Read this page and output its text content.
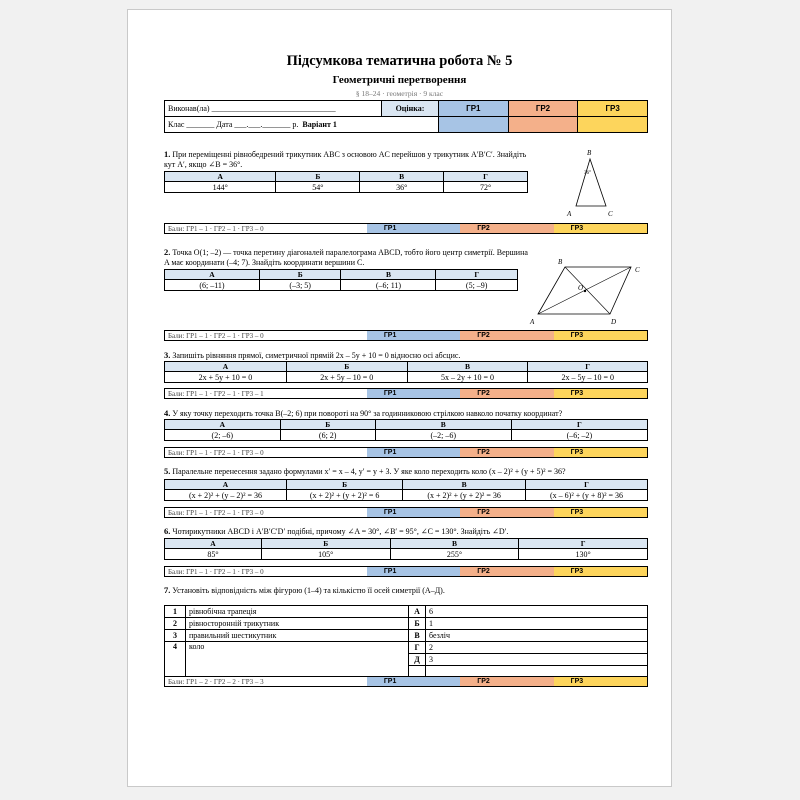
Підсумкова тематична робота № 5
Геометричні перетворення
§ 18–24 · геометрія · 9 клас
Виконав(ла) _______________________________	Оцінка:	ГР1	ГР2	ГР3
Клас _______ Дата ___.___._______ р. Варіант 1				
1. При переміщенні рівнобедрений трикутник ABC з основою AC перейшов у трикутник A′B′C′. Знайдіть кут A′, якщо ∠B = 36°.
А	Б	В	Г
144°	54°	36°	72°
B
A	C
36°
Бали: ГР1 – 1 · ГР2 – 1 · ГР3 – 0	ГР1	ГР2	ГР3
2. Точка O(1; –2) — точка перетину діагоналей паралелограма ABCD, тобто його центр симетрії. Вершина A має координати (–4; 7). Знайдіть координати вершини C.
А	Б	В	Г
(6; –11)	(–3; 5)	(–6; 11)	(5; –9)
B
C
A	D
O
Бали: ГР1 – 1 · ГР2 – 1 · ГР3 – 0	ГР1	ГР2	ГР3
3. Запишіть рівняння прямої, симетричної прямій 2x – 5y + 10 = 0 відносно осі абсцис.
А	Б	В	Г
2x + 5y + 10 = 0	2x + 5y – 10 = 0	5x – 2y + 10 = 0	2x – 5y – 10 = 0
Бали: ГР1 – 1 · ГР2 – 1 · ГР3 – 1	ГР1	ГР2	ГР3
4. У яку точку переходить точка B(–2; 6) при повороті на 90° за годинниковою стрілкою навколо початку координат?
А	Б	В	Г
(2; –6)	(6; 2)	(–2; –6)	(–6; –2)
Бали: ГР1 – 1 · ГР2 – 1 · ГР3 – 0	ГР1	ГР2	ГР3
5. Паралельне перенесення задано формулами x′ = x – 4, y′ = y + 3. У яке коло переходить коло (x – 2)² + (y + 5)² = 36?
А	Б	В	Г
(x + 2)² + (y – 2)² = 36	(x + 2)² + (y + 2)² = 6	(x + 2)² + (y + 2)² = 36	(x – 6)² + (y + 8)² = 36
Бали: ГР1 – 1 · ГР2 – 1 · ГР3 – 0	ГР1	ГР2	ГР3
6. Чотирикутники ABCD і A′B′C′D′ подібні, причому ∠A = 30°, ∠B′ = 95°, ∠C = 130°. Знайдіть ∠D′.
А	Б	В	Г
85°	105°	255°	130°
Бали: ГР1 – 1 · ГР2 – 1 · ГР3 – 0	ГР1	ГР2	ГР3
7. Установіть відповідність між фігурою (1–4) та кількістю її осей симетрії (А–Д).
1	рівнобічна трапеція	А	6
2	рівносторонній трикутник	Б	1
3	правильний шестикутник	В	безліч
4	коло	Г	2
		Д	3

Бали: ГР1 – 2 · ГР2 – 2 · ГР3 – 3	ГР1	ГР2	ГР3
